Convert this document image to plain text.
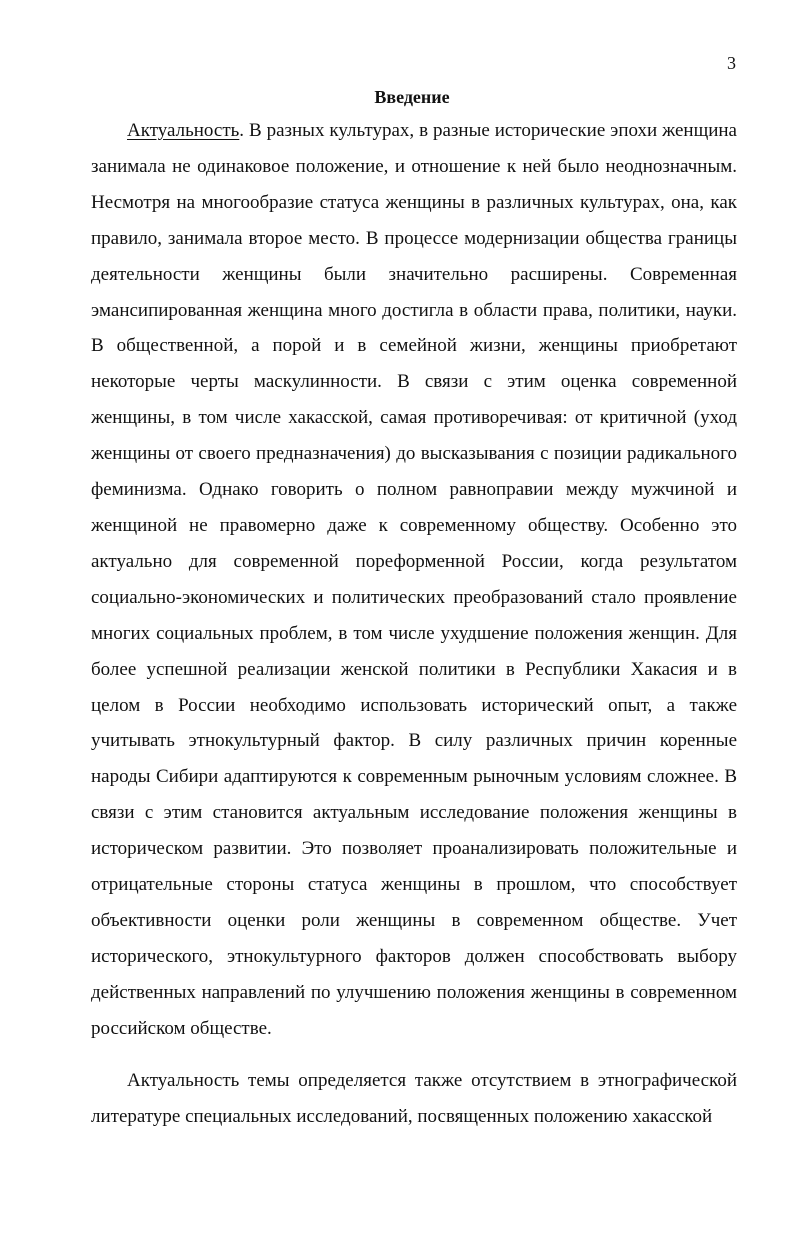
3
Введение

Актуальность. В разных культурах, в разные исторические эпохи женщина занимала не одинаковое положение, и отношение к ней было неоднозначным. Несмотря на многообразие статуса женщины в различных культурах, она, как правило, занимала второе место. В процессе модернизации общества границы деятельности женщины были значительно расширены. Современная эмансипированная женщина много достигла в области права, политики, науки. В общественной, а порой и в семейной жизни, женщины приобретают некоторые черты маскулинности. В связи с этим оценка современной женщины, в том числе хакасской, самая противоречивая: от критичной (уход женщины от своего предназначения) до высказывания с позиции радикального феминизма. Однако говорить о полном равноправии между мужчиной и женщиной не правомерно даже к современному обществу. Особенно это актуально для современной пореформенной России, когда результатом социально-экономических и политических преобразований стало проявление многих социальных проблем, в том числе ухудшение положения женщин. Для более успешной реализации женской политики в Республики Хакасия и в целом в России необходимо использовать исторический опыт, а также учитывать этнокультурный фактор. В силу различных причин коренные народы Сибири адаптируются к современным рыночным условиям сложнее. В связи с этим становится актуальным исследование положения женщины в историческом развитии. Это позволяет проанализировать положительные и отрицательные стороны статуса женщины в прошлом, что способствует объективности оценки роли женщины в современном обществе. Учет исторического, этнокультурного факторов должен способствовать выбору действенных направлений по улучшению положения женщины в современном российском обществе.

Актуальность темы определяется также отсутствием в этнографической литературе специальных исследований, посвященных положению хакасской
